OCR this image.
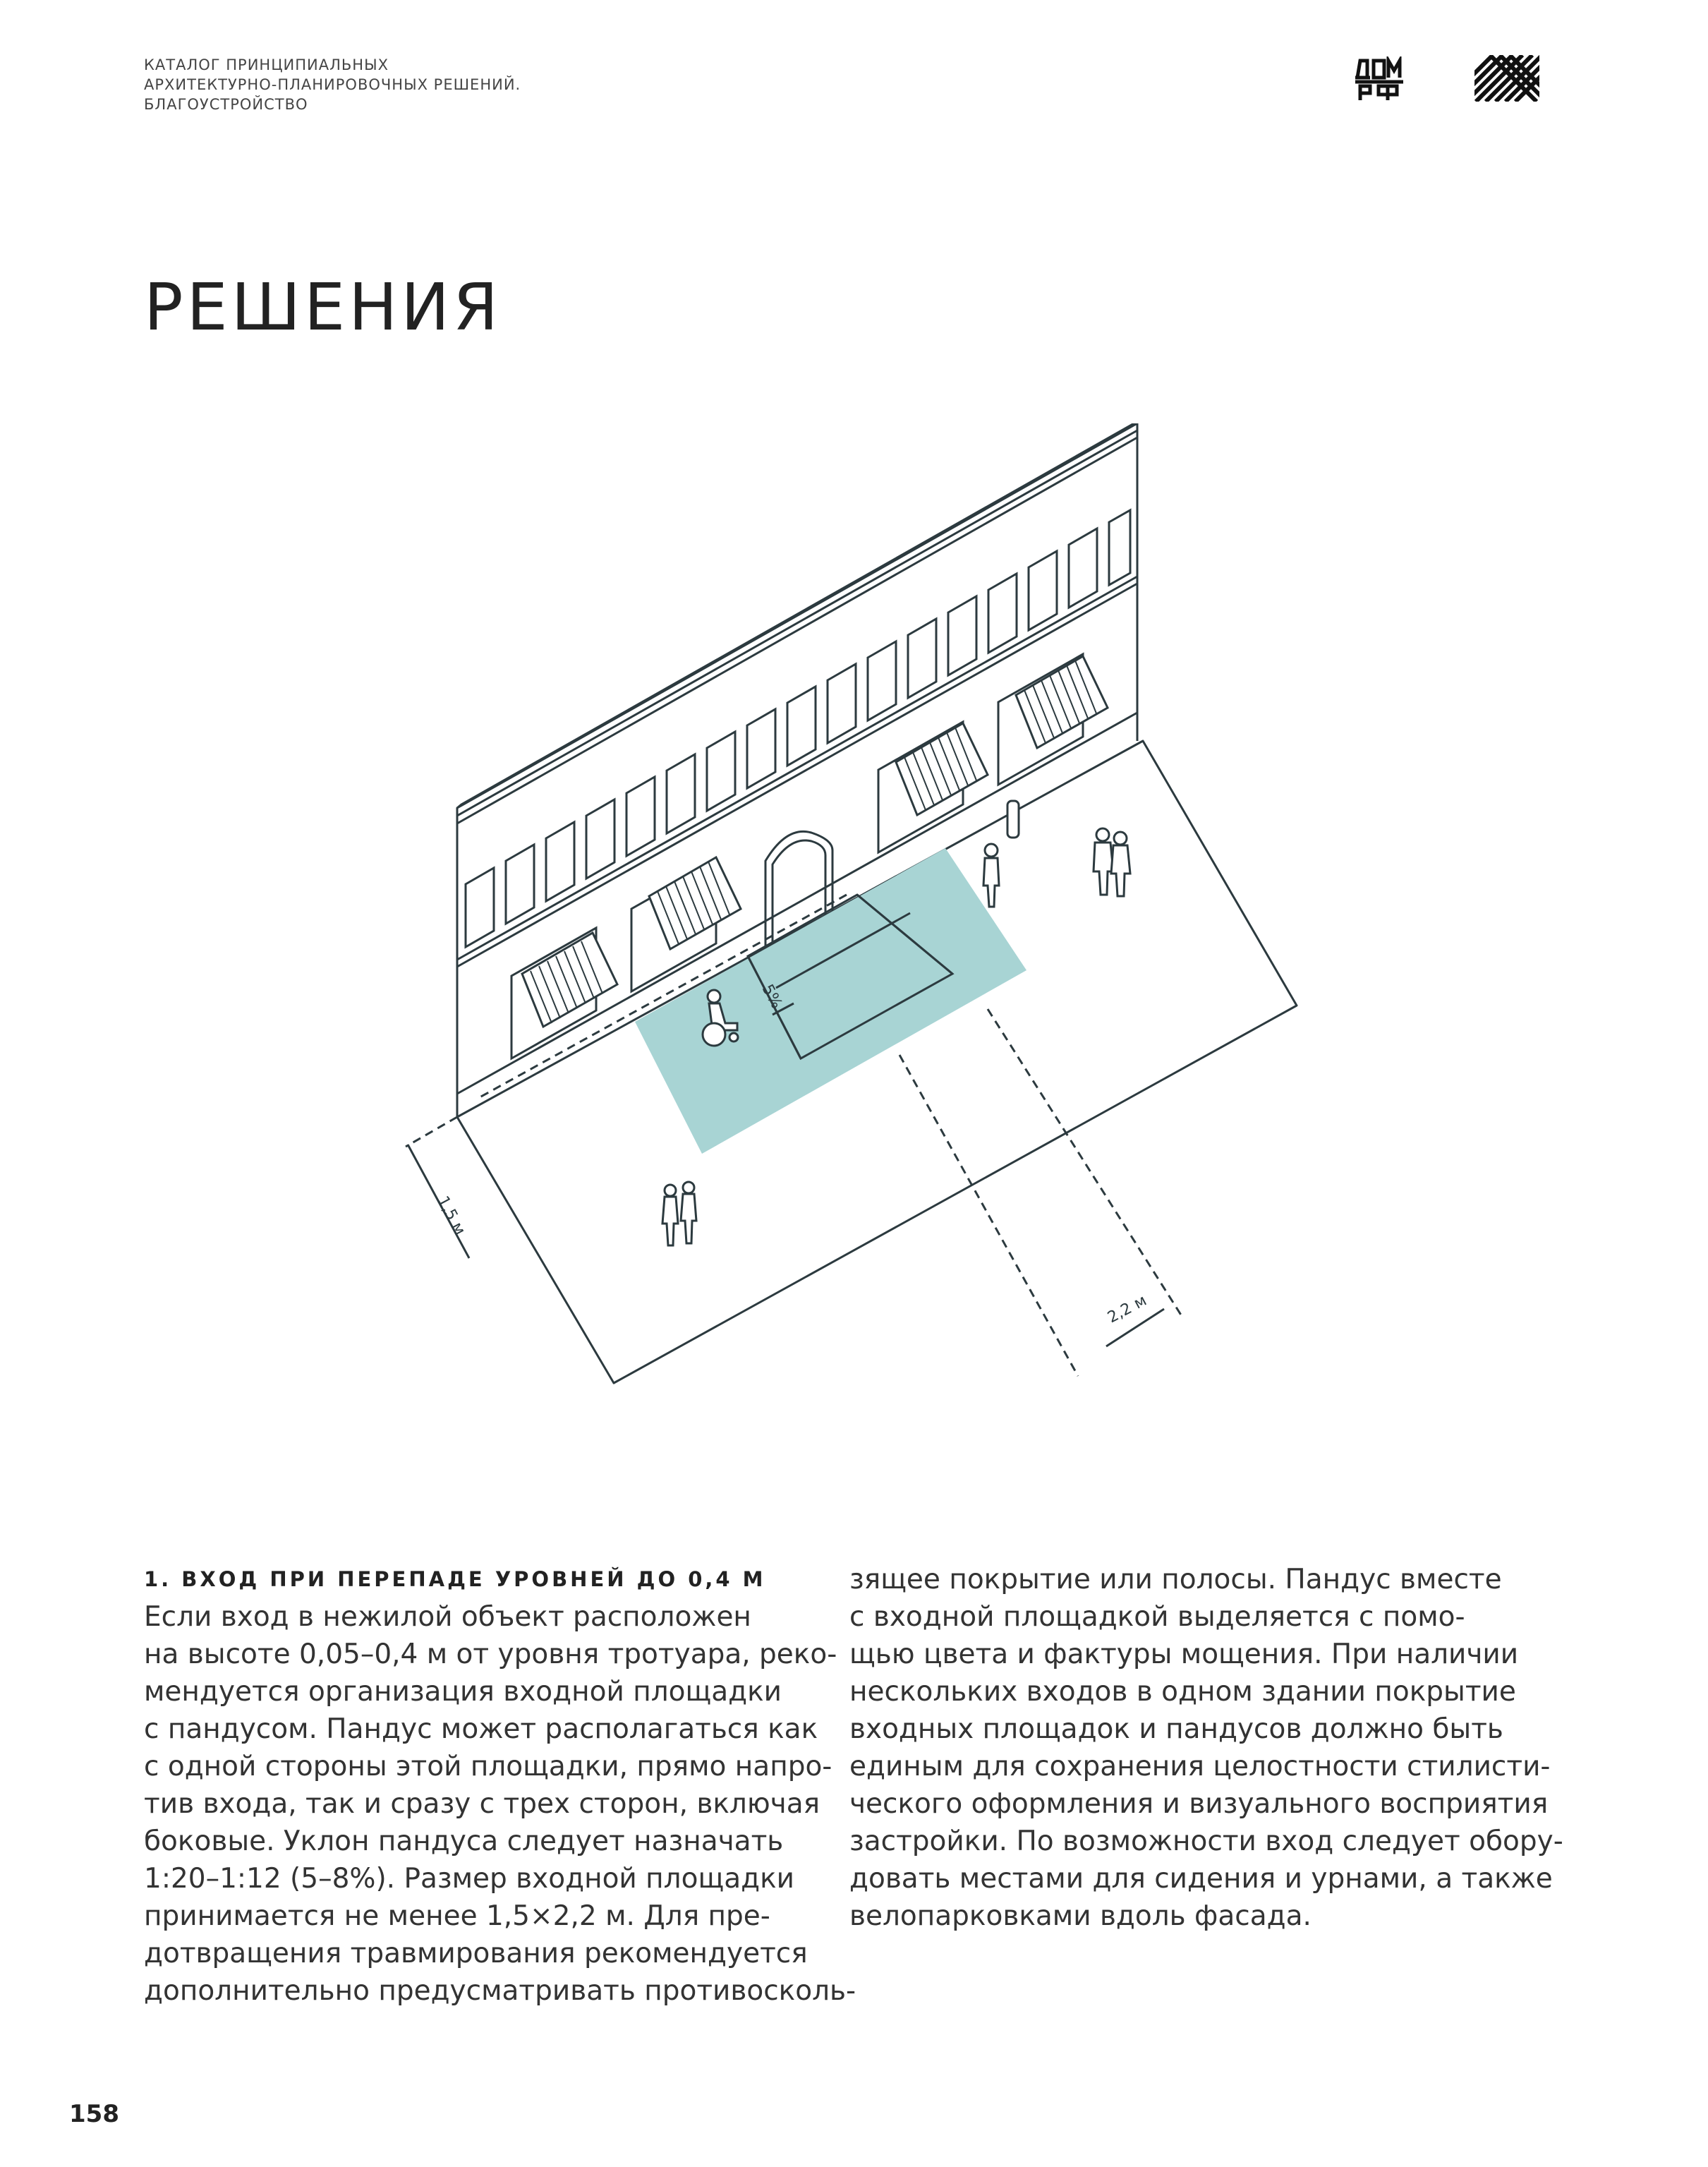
КАТАЛОГ ПРИНЦИПИАЛЬНЫХ
АРХИТЕКТУРНО-ПЛАНИРОВОЧНЫХ РЕШЕНИЙ.
БЛАГОУСТРОЙСТВО
РЕШЕНИЯ
1,5 м
2,2 м
5%
1. ВХОД ПРИ ПЕРЕПАДЕ УРОВНЕЙ ДО 0,4 М
Если вход в нежилой объект расположен
на высоте 0,05–0,4 м от уровня тротуара, реко-
мендуется организация входной площадки
с пандусом. Пандус может располагаться как
с одной стороны этой площадки, прямо напро-
тив входа, так и сразу с трех сторон, включая
боковые. Уклон пандуса следует назначать
1:20–1:12 (5–8%). Размер входной площадки
принимается не менее 1,5×2,2 м. Для пре-
дотвращения травмирования рекомендуется
дополнительно предусматривать противосколь-
зящее покрытие или полосы. Пандус вместе
с входной площадкой выделяется с помо-
щью цвета и фактуры мощения. При наличии
нескольких входов в одном здании покрытие
входных площадок и пандусов должно быть
единым для сохранения целостности стилисти-
ческого оформления и визуального восприятия
застройки. По возможности вход следует обору-
довать местами для сидения и урнами, а также
велопарковками вдоль фасада.
158
